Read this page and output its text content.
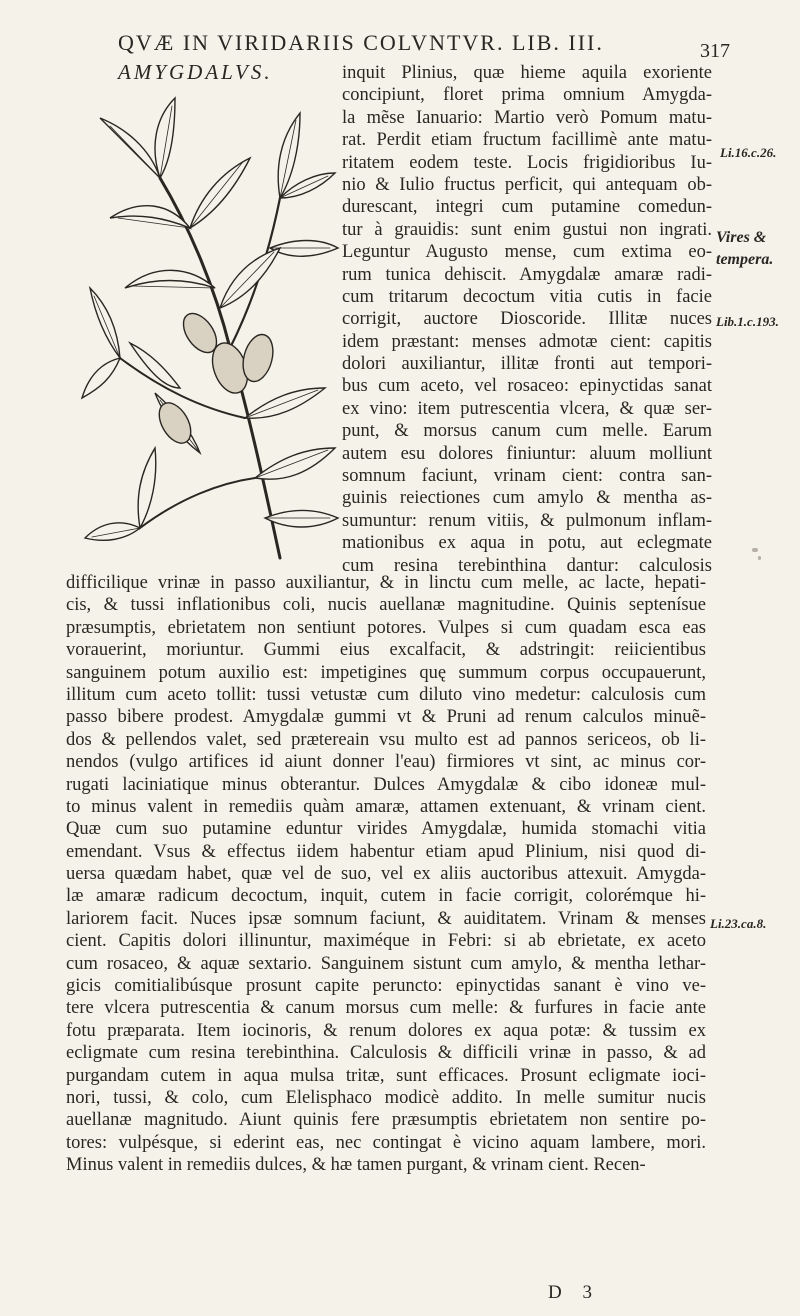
QVÆ IN VIRIDARIIS COLVNTVR. LIB. III.	317
AMYGDALVS.	inquit Plinius, quæ hieme aquila exoriente
concipiunt, floret prima omnium Amygda-
la mẽse Ianuario: Martio verò Pomum matu-
rat. Perdit etiam fructum facillimè ante matu-
ritatem eodem teste. Locis frigidioribus Iu-
nio & Iulio fructus perficit, qui antequam ob-
durescant, integri cum putamine comedun-
tur à grauidis: sunt enim gustui non ingrati.
Leguntur Augusto mense, cum extima eo-
rum tunica dehiscit. Amygdalæ amaræ radi-
cum tritarum decoctum vitia cutis in facie
corrigit, auctore Dioscoride. Illitæ nuces
idem præstant: menses admotæ cient: capitis
dolori auxiliantur, illitæ fronti aut tempori-
bus cum aceto, vel rosaceo: epinyctidas sanat
ex vino: item putrescentia vlcera, & quæ ser-
punt, & morsus canum cum melle. Earum
autem esu dolores finiuntur: aluum molliunt
somnum faciunt, vrinam cient: contra san-
guinis reiectiones cum amylo & mentha as-
sumuntur: renum vitiis, & pulmonum inflam-
mationibus ex aqua in potu, aut eclegmate
cum resina terebinthina dantur: calculosis
difficilique vrinæ in passo auxiliantur, & in linctu cum melle, ac lacte, hepati-
cis, & tussi inflationibus coli, nucis auellanæ magnitudine. Quinis septenísue
præsumptis, ebrietatem non sentiunt potores. Vulpes si cum quadam esca eas
vorauerint, moriuntur. Gummi eius excalfacit, & adstringit: reiicientibus
sanguinem potum auxilio est: impetigines quę summum corpus occupauerunt,
illitum cum aceto tollit: tussi vetustæ cum diluto vino medetur: calculosis cum
passo bibere prodest. Amygdalæ gummi vt & Pruni ad renum calculos minuẽ-
dos & pellendos valet, sed prætereain vsu multo est ad pannos sericeos, ob li-
nendos (vulgo artifices id aiunt donner l'eau) firmiores vt sint, ac minus cor-
rugati laciniatique minus obterantur. Dulces Amygdalæ & cibo idoneæ mul-
to minus valent in remediis quàm amaræ, attamen extenuant, & vrinam cient.
Quæ cum suo putamine eduntur virides Amygdalæ, humida stomachi vitia
emendant. Vsus & effectus iidem habentur etiam apud Plinium, nisi quod di-
uersa quædam habet, quæ vel de suo, vel ex aliis auctoribus attexuit. Amygda-
læ amaræ radicum decoctum, inquit, cutem in facie corrigit, colorémque hi-
lariorem facit. Nuces ipsæ somnum faciunt, & auiditatem. Vrinam & menses
cient. Capitis dolori illinuntur, maximéque in Febri: si ab ebrietate, ex aceto
cum rosaceo, & aquæ sextario. Sanguinem sistunt cum amylo, & mentha lethar-
gicis comitialibúsque prosunt capite perunctо: epinyctidas sanant è vino ve-
tere vlcera putrescentia & canum morsus cum melle: & furfures in facie ante
fotu præparata. Item iocinoris, & renum dolores ex aqua potæ: & tussim ex
ecligmate cum resina terebinthina. Calculosis & difficili vrinæ in passo, & ad
purgandam cutem in aqua mulsa tritæ, sunt efficaces. Prosunt ecligmate ioci-
nori, tussi, & colo, cum Elelisphaco modicè addito. In melle sumitur nucis
auellanæ magnitudo. Aiunt quinis fere præsumptis ebrietatem non sentire po-
tores: vulpésque, si ederint eas, nec contingat è vicino aquam lambere, mori.
Minus valent in remediis dulces, & hæ tamen purgant, & vrinam cient. Recen-
Li.16.c.26.
Vires &
tempera.
Lib.1.c.193.
Li.23.ca.8.
D 3
